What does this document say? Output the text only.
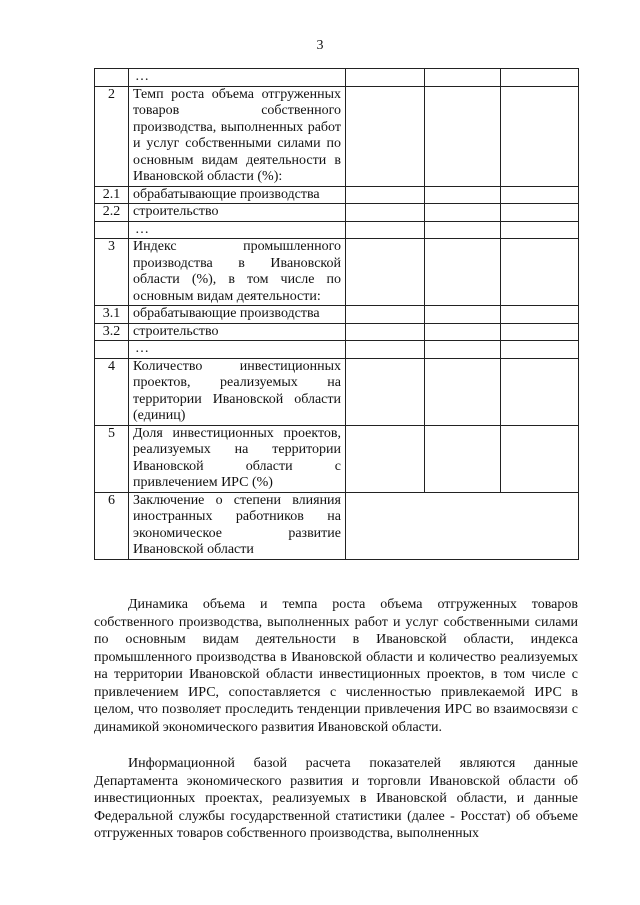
3
	…			
2	Темп роста объема отгруженных товаров собственного производства, выполненных работ и услуг собственными силами по основным видам деятельности в Ивановской области (%):			
2.1	обрабатывающие производства			
2.2	строительство			
	…			
3	Индекс промышленного производства в Ивановской области (%), в том числе по основным видам деятельности:			
3.1	обрабатывающие производства			
3.2	строительство			
	…			
4	Количество инвестиционных проектов, реализуемых на территории Ивановской области (единиц)			
5	Доля инвестиционных проектов, реализуемых на территории Ивановской области с привлечением ИРС (%)			
6	Заключение о степени влияния иностранных работников на экономическое развитие Ивановской области			

Динамика объема и темпа роста объема отгруженных товаров собственного производства, выполненных работ и услуг собственными силами по основным видам деятельности в Ивановской области, индекса промышленного производства в Ивановской области и количество реализуемых на территории Ивановской области инвестиционных проектов, в том числе с привлечением ИРС, сопоставляется с численностью привлекаемой ИРС в целом, что позволяет проследить тенденции привлечения ИРС во взаимосвязи с динамикой экономического развития Ивановской области.

Информационной базой расчета показателей являются данные Департамента экономического развития и торговли Ивановской области об инвестиционных проектах, реализуемых в Ивановской области, и данные Федеральной службы государственной статистики (далее - Росстат) об объеме отгруженных товаров собственного производства, выполненных
